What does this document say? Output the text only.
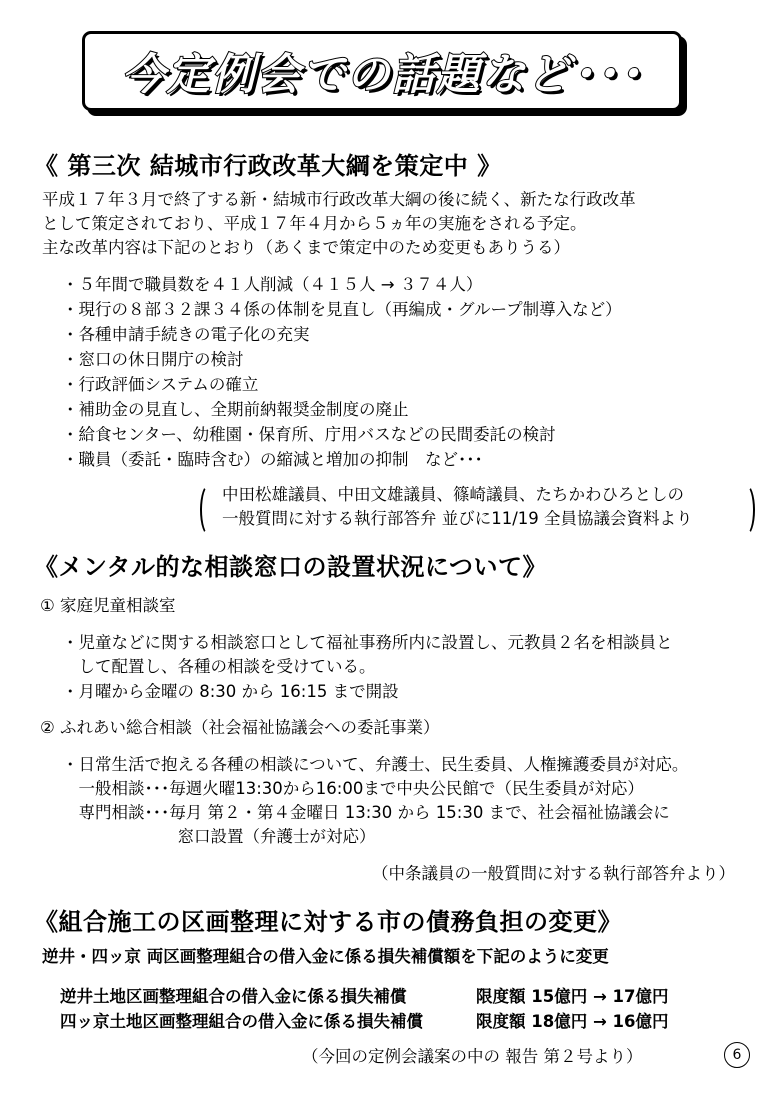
今定例会での話題など･･･
《 第三次 結城市行政改革大綱を策定中 》
平成１７年３月で終了する新・結城市行政改革大綱の後に続く、新たな行政改革
として策定されており、平成１７年４月から５ヵ年の実施をされる予定。
主な改革内容は下記のとおり（あくまで策定中のため変更もありうる）
・５年間で職員数を４１人削減（４１５人 → ３７４人）
・現行の８部３２課３４係の体制を見直し（再編成・グループ制導入など）
・各種申請手続きの電子化の充実
・窓口の休日開庁の検討
・行政評価システムの確立
・補助金の見直し、全期前納報奨金制度の廃止
・給食センター、幼稚園・保育所、庁用バスなどの民間委託の検討
・職員（委託・臨時含む）の縮減と増加の抑制　など･･･
中田松雄議員、中田文雄議員、篠崎議員、たちかわひろとしの
一般質問に対する執行部答弁 並びに11/19 全員協議会資料より
《メンタル的な相談窓口の設置状況について》
① 家庭児童相談室
・児童などに関する相談窓口として福祉事務所内に設置し、元教員２名を相談員と
　して配置し、各種の相談を受けている。
・月曜から金曜の 8:30 から 16:15 まで開設
② ふれあい総合相談（社会福祉協議会への委託事業）
・日常生活で抱える各種の相談について、弁護士、民生委員、人権擁護委員が対応。
　一般相談･･･毎週火曜13:30から16:00まで中央公民館で（民生委員が対応）
　専門相談･･･毎月 第２・第４金曜日 13:30 から 15:30 まで、社会福祉協議会に
　　　　　　　窓口設置（弁護士が対応）
（中条議員の一般質問に対する執行部答弁より）
《組合施工の区画整理に対する市の債務負担の変更》
逆井・四ッ京 両区画整理組合の借入金に係る損失補償額を下記のように変更
逆井土地区画整理組合の借入金に係る損失補償	限度額 15億円 → 17億円
四ッ京土地区画整理組合の借入金に係る損失補償	限度額 18億円 → 16億円
（今回の定例会議案の中の 報告 第２号より）	6
